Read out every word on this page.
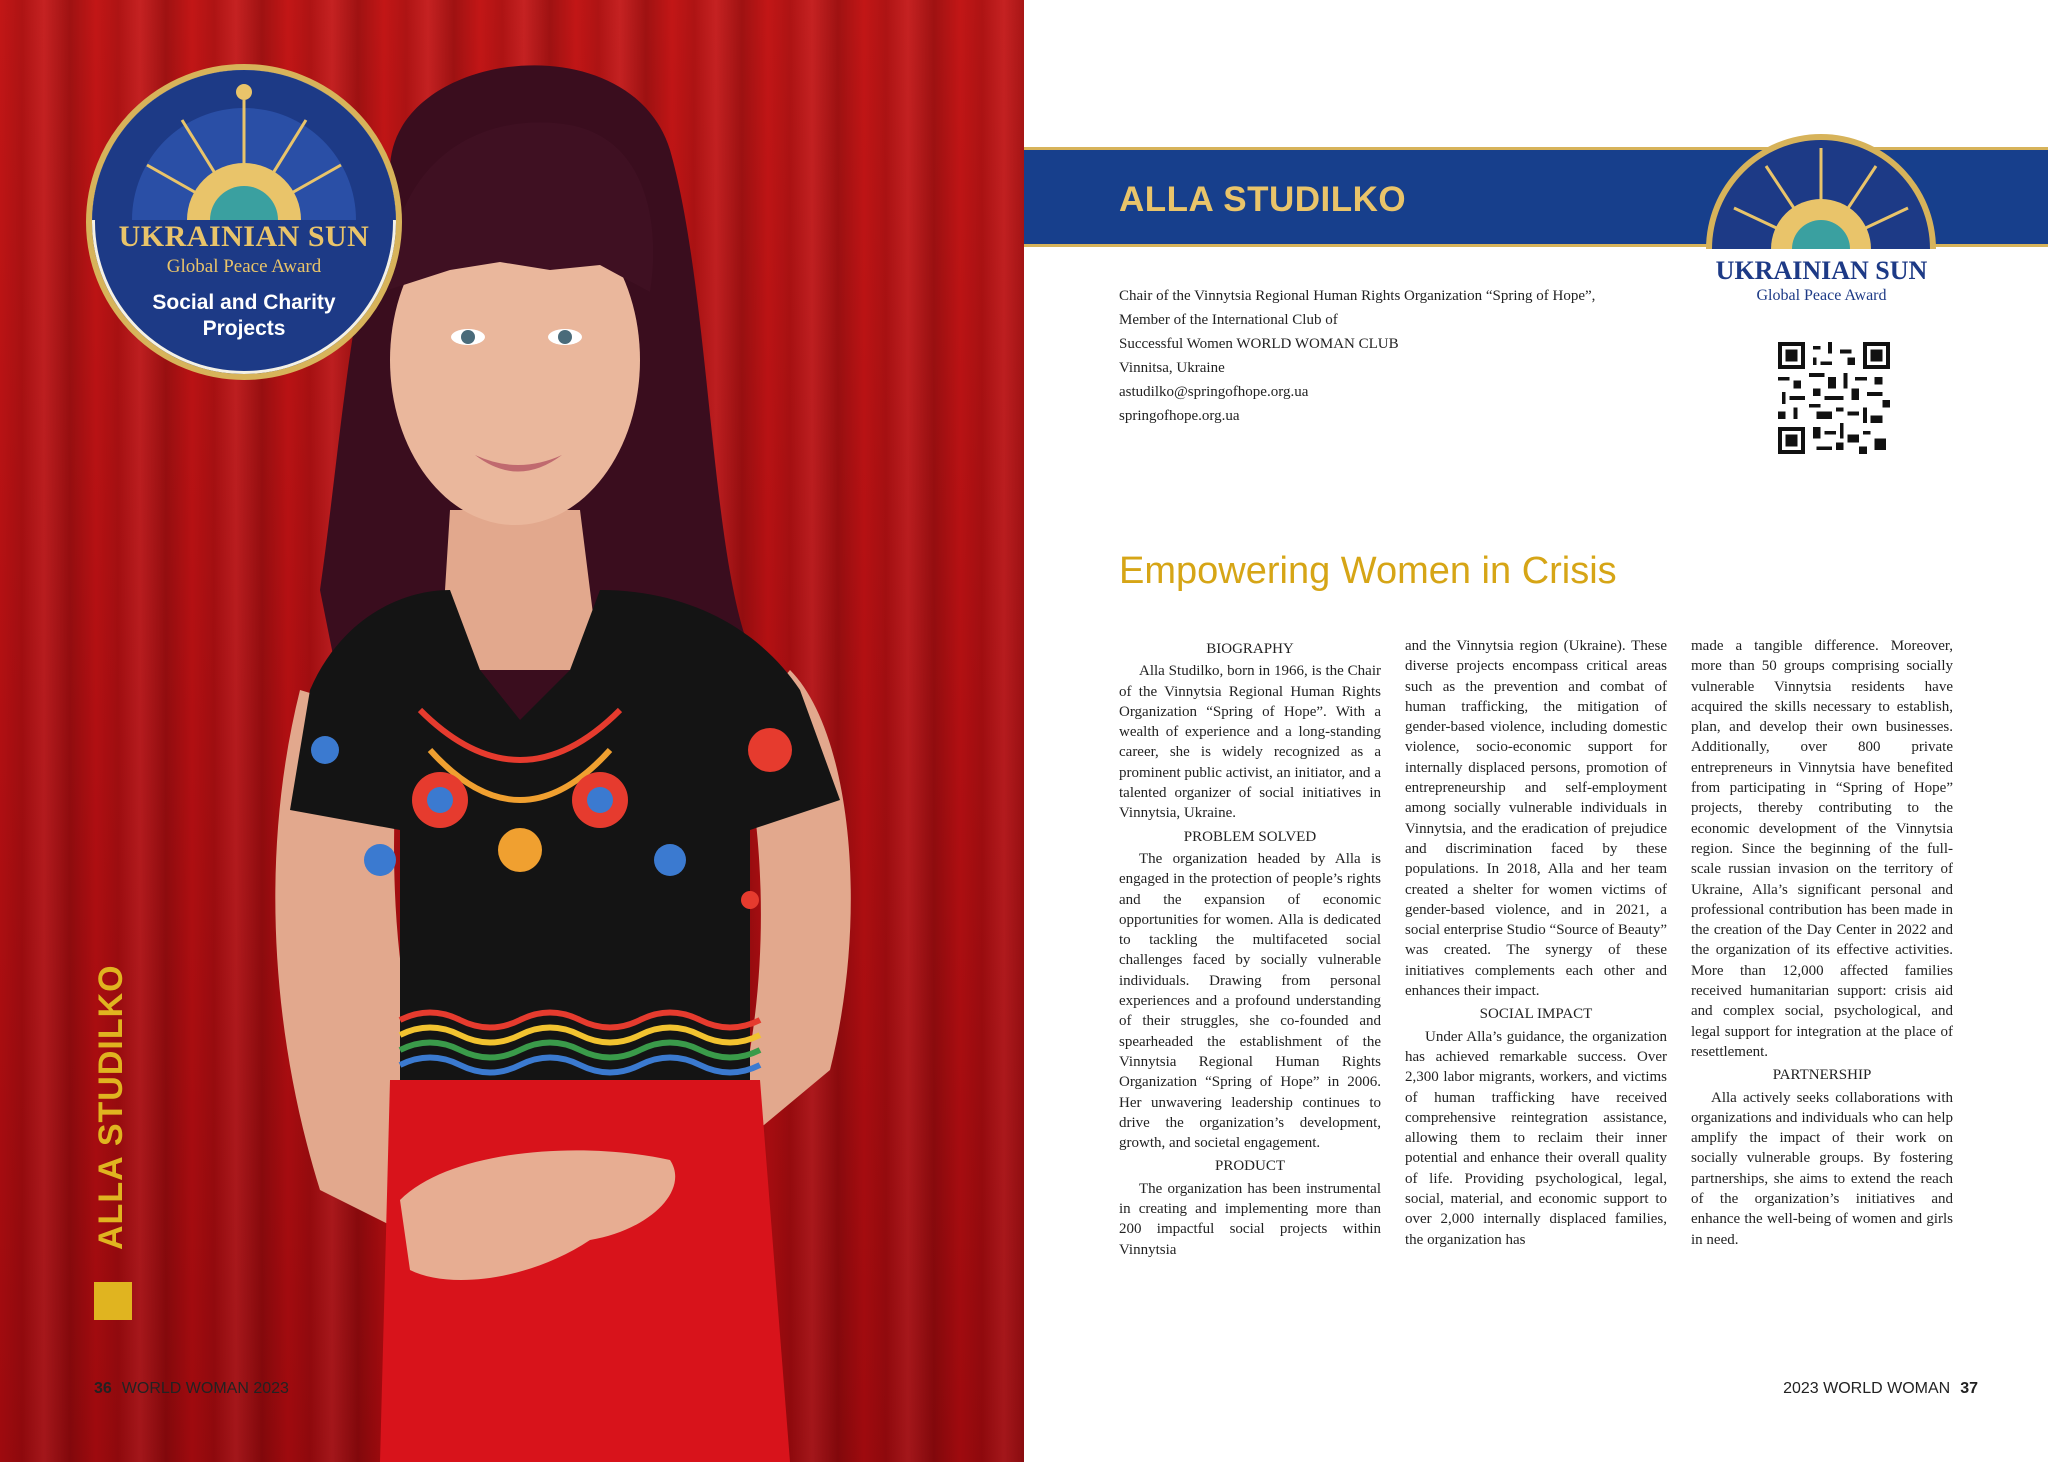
UKRAINIAN SUN
Global Peace Award
Social and Charity Projects
ALLA STUDILKO
36 WORLD WOMAN 2023
ALLA STUDILKO
UKRAINIAN SUN
Global Peace Award
Chair of the Vinnytsia Regional Human Rights Organization “Spring of Hope”,
Member of the International Club of
Successful Women WORLD WOMAN CLUB
Vinnitsa, Ukraine
astudilko@springofhope.org.ua
springofhope.org.ua
Empowering Women in Crisis
BIOGRAPHY

Alla Studilko, born in 1966, is the Chair of the Vinnytsia Regional Human Rights Organization “Spring of Hope”. With a wealth of experience and a long-standing career, she is widely recognized as a prominent public activist, an initiator, and a talented organizer of social initiatives in Vinnytsia, Ukraine.

PROBLEM SOLVED

The organization headed by Alla is engaged in the protection of people’s rights and the expansion of economic opportunities for women. Alla is dedicated to tackling the multifaceted social challenges faced by socially vulnerable individuals. Drawing from personal experiences and a profound understanding of their struggles, she co-founded and spearheaded the establishment of the Vinnytsia Regional Human Rights Organization “Spring of Hope” in 2006. Her unwavering leadership continues to drive the organization’s development, growth, and societal engagement.

PRODUCT

The organization has been instrumental in creating and implementing more than 200 impactful social projects within Vinnytsia

and the Vinnytsia region (Ukraine). These diverse projects encompass critical areas such as the prevention and combat of human trafficking, the mitigation of gender-based violence, including domestic violence, socio-economic support for internally displaced persons, promotion of entrepreneurship and self-employment among socially vulnerable individuals in Vinnytsia, and the eradication of prejudice and discrimination faced by these populations. In 2018, Alla and her team created a shelter for women victims of gender-based violence, and in 2021, a social enterprise Studio “Source of Beauty” was created. The synergy of these initiatives complements each other and enhances their impact.

SOCIAL IMPACT

Under Alla’s guidance, the organization has achieved remarkable success. Over 2,300 labor migrants, workers, and victims of human trafficking have received comprehensive reintegration assistance, allowing them to reclaim their inner potential and enhance their overall quality of life. Providing psychological, legal, social, material, and economic support to over 2,000 internally displaced families, the organization has

made a tangible difference. Moreover, more than 50 groups comprising socially vulnerable Vinnytsia residents have acquired the skills necessary to establish, plan, and develop their own businesses. Additionally, over 800 private entrepreneurs in Vinnytsia have benefited from participating in “Spring of Hope” projects, thereby contributing to the economic development of the Vinnytsia region. Since the beginning of the full-scale russian invasion on the territory of Ukraine, Alla’s significant personal and professional contribution has been made in the creation of the Day Center in 2022 and the organization of its effective activities. More than 12,000 affected families received humanitarian support: crisis aid and complex social, psychological, and legal support for integration at the place of resettlement.

PARTNERSHIP

Alla actively seeks collaborations with organizations and individuals who can help amplify the impact of their work on socially vulnerable groups. By fostering partnerships, she aims to extend the reach of the organization’s initiatives and enhance the well-being of women and girls in need.

2023 WORLD WOMAN 37
